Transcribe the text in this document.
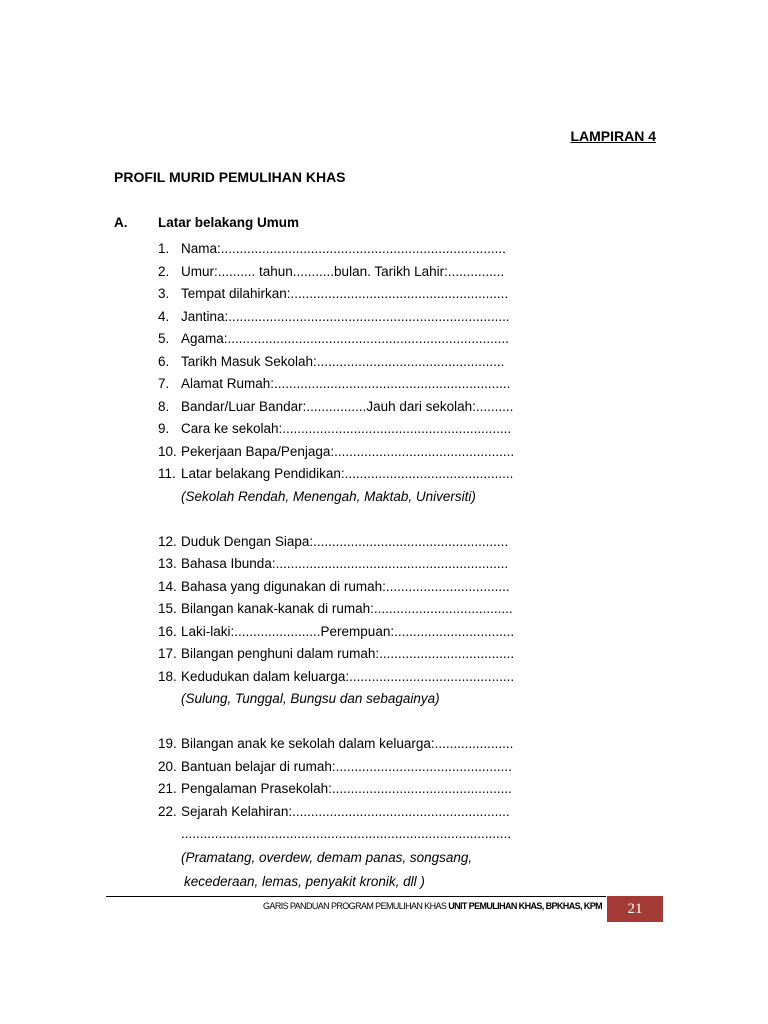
LAMPIRAN 4

PROFIL MURID PEMULIHAN KHAS

A. Latar belakang Umum
1. Nama:............................................................................
2. Umur:.......... tahun...........bulan. Tarikh Lahir:...............
3. Tempat dilahirkan:..........................................................
4. Jantina:...........................................................................
5. Agama:...........................................................................
6. Tarikh Masuk Sekolah:..................................................
7. Alamat Rumah:...............................................................
8. Bandar/Luar Bandar:................Jauh dari sekolah:..........
9. Cara ke sekolah:.............................................................
10. Pekerjaan Bapa/Penjaga:................................................
11. Latar belakang Pendidikan:.............................................
(Sekolah Rendah, Menengah, Maktab, Universiti)
12. Duduk Dengan Siapa:....................................................
13. Bahasa Ibunda:..............................................................
14. Bahasa yang digunakan di rumah:.................................
15. Bilangan kanak-kanak di rumah:.....................................
16. Laki-laki:.......................Perempuan:................................
17. Bilangan penghuni dalam rumah:....................................
18. Kedudukan dalam keluarga:............................................
(Sulung, Tunggal, Bungsu dan sebagainya)
19. Bilangan anak ke sekolah dalam keluarga:.....................
20. Bantuan belajar di rumah:...............................................
21. Pengalaman Prasekolah:................................................
22. Sejarah Kelahiran:..........................................................
........................................................................................
(Pramatang, overdew, demam panas, songsang,
kecederaan, lemas, penyakit kronik, dll )
GARIS PANDUAN PROGRAM PEMULIHAN KHAS UNIT PEMULIHAN KHAS, BPKHAS, KPM	21
